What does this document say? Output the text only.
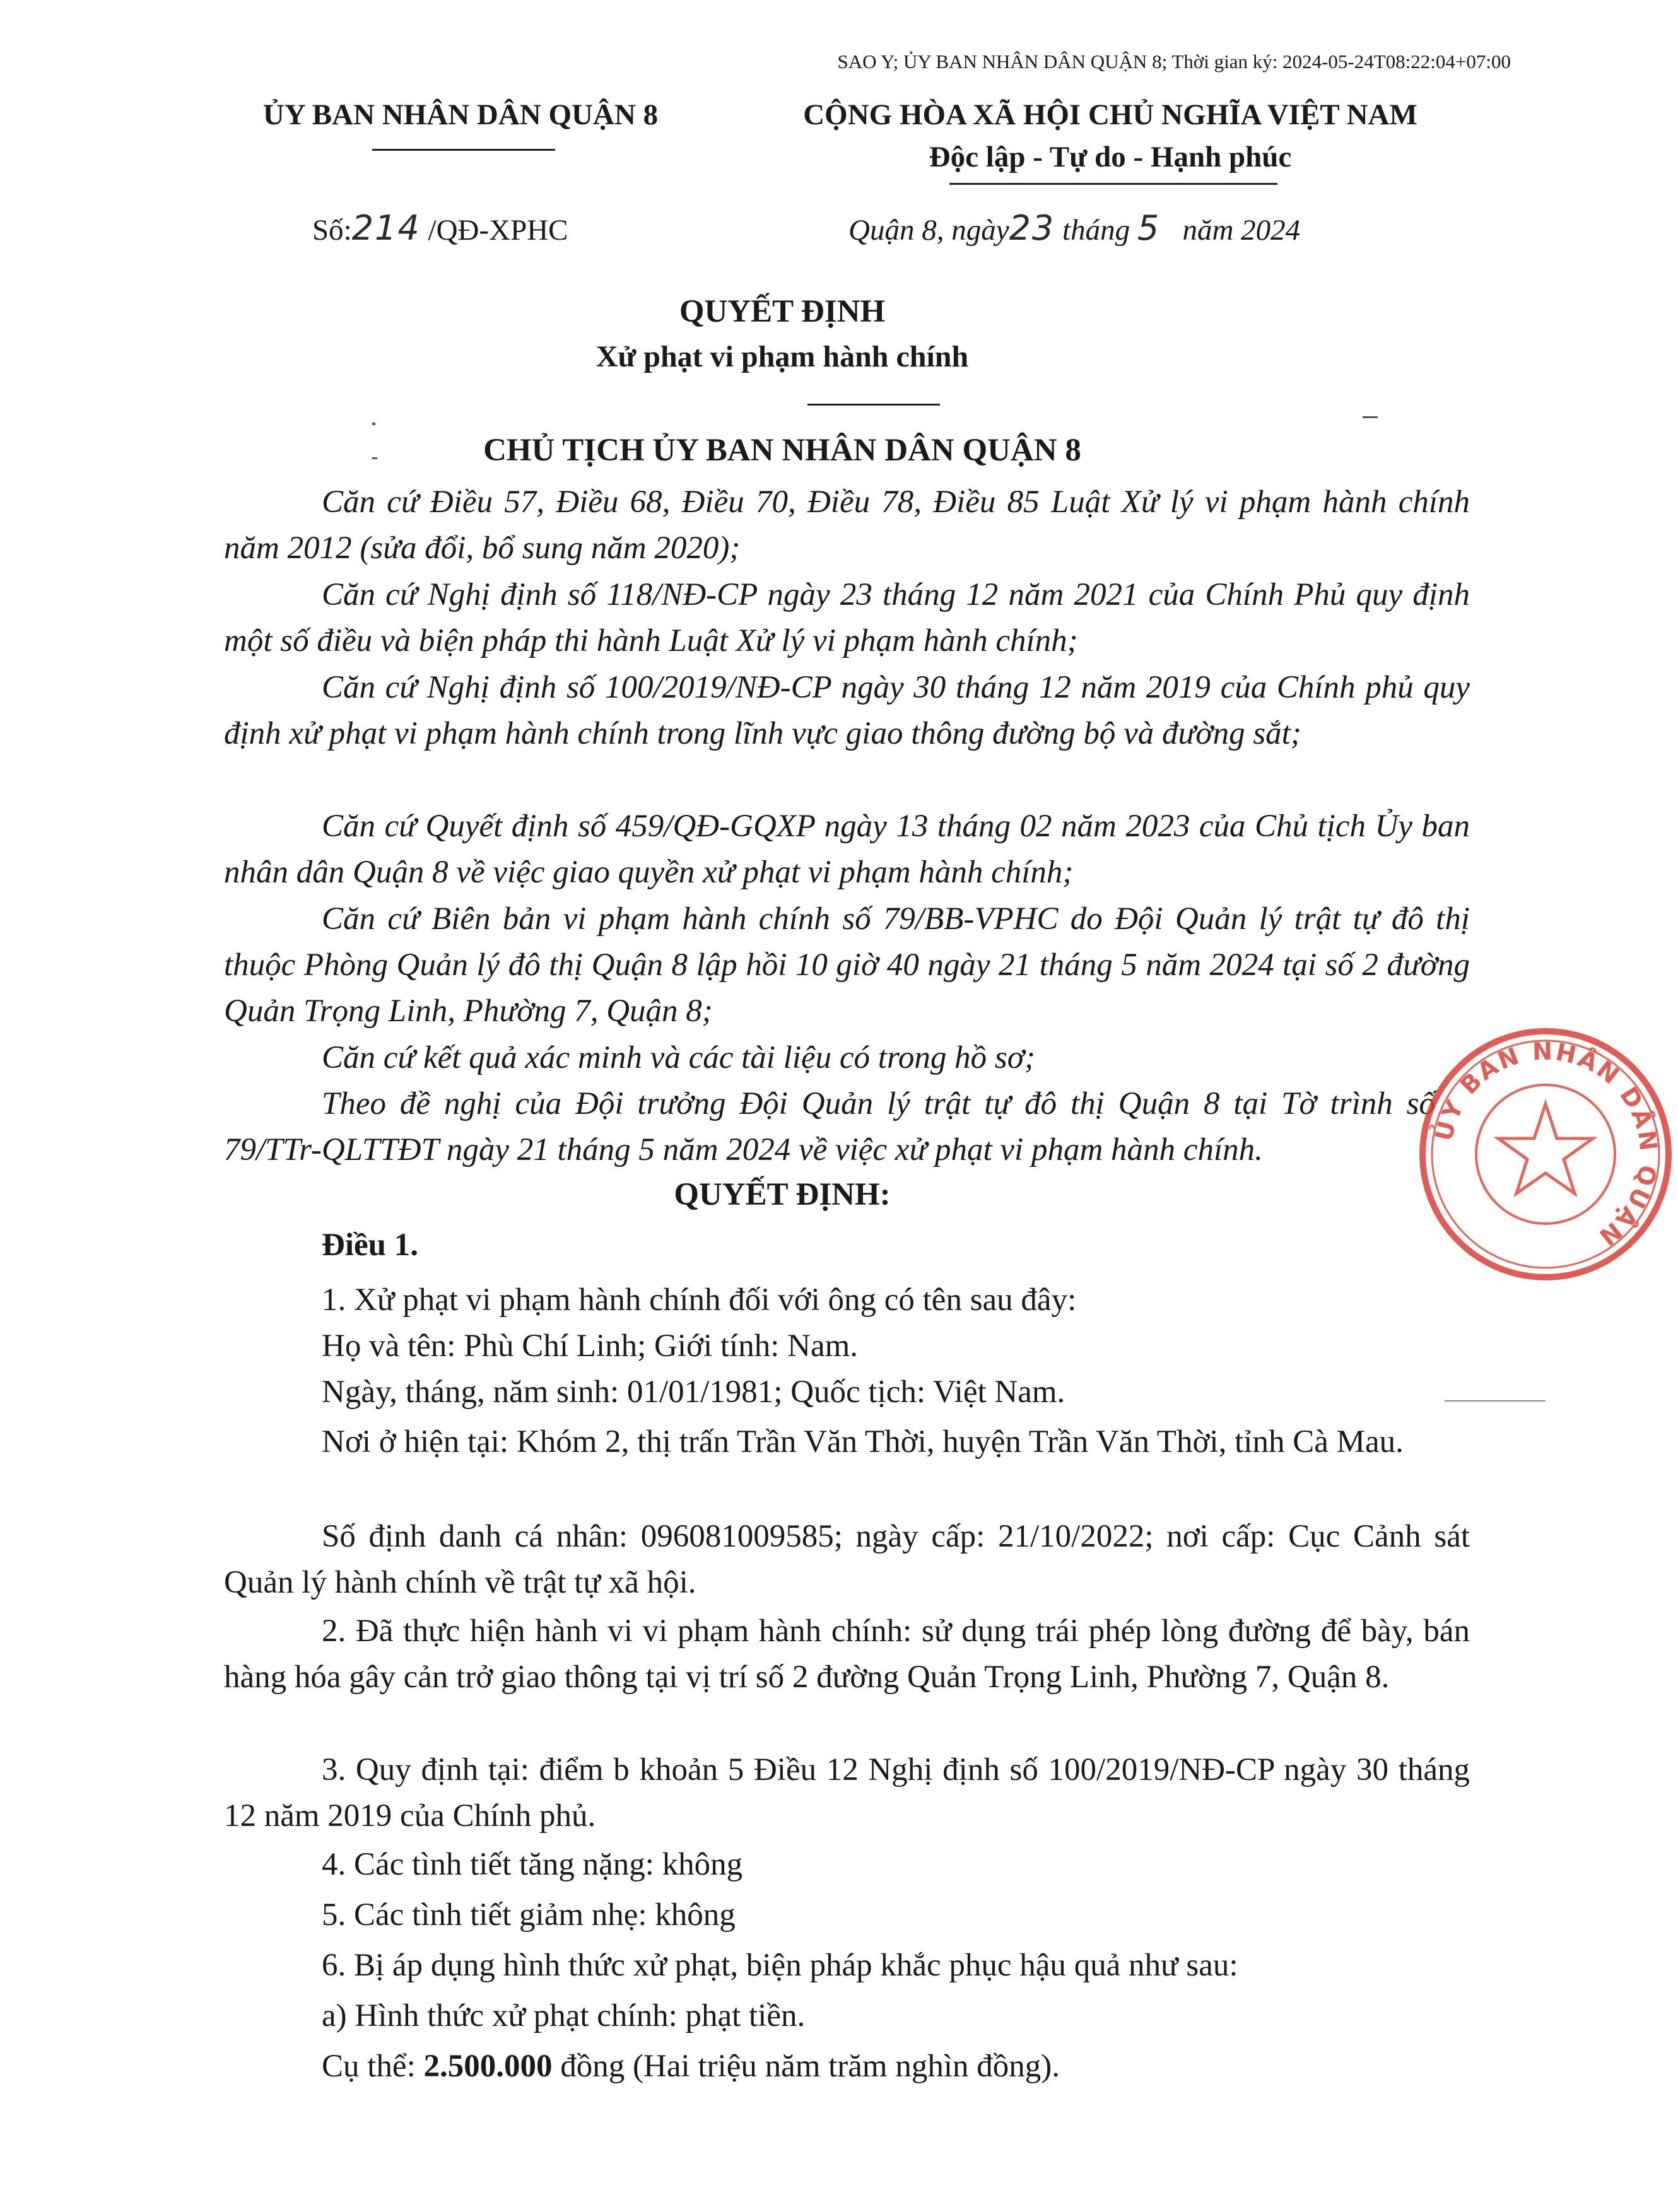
SAO Y; ỦY BAN NHÂN DÂN QUẬN 8; Thời gian ký: 2024-05-24T08:22:04+07:00
ỦY BAN NHÂN DÂN QUẬN 8	CỘNG HÒA XÃ HỘI CHỦ NGHĨA VIỆT NAM
Độc lập - Tự do - Hạnh phúc
Số:214 /QĐ-XPHC	Quận 8, ngày23 tháng 5 năm 2024
QUYẾT ĐỊNH
Xử phạt vi phạm hành chính
CHỦ TỊCH ỦY BAN NHÂN DÂN QUẬN 8
Căn cứ Điều 57, Điều 68, Điều 70, Điều 78, Điều 85 Luật Xử lý vi phạm hành chính năm 2012 (sửa đổi, bổ sung năm 2020);
Căn cứ Nghị định số 118/NĐ-CP ngày 23 tháng 12 năm 2021 của Chính Phủ quy định một số điều và biện pháp thi hành Luật Xử lý vi phạm hành chính;
Căn cứ Nghị định số 100/2019/NĐ-CP ngày 30 tháng 12 năm 2019 của Chính phủ quy định xử phạt vi phạm hành chính trong lĩnh vực giao thông đường bộ và đường sắt;
Căn cứ Quyết định số 459/QĐ-GQXP ngày 13 tháng 02 năm 2023 của Chủ tịch Ủy ban nhân dân Quận 8 về việc giao quyền xử phạt vi phạm hành chính;
Căn cứ Biên bản vi phạm hành chính số 79/BB-VPHC do Đội Quản lý trật tự đô thị thuộc Phòng Quản lý đô thị Quận 8 lập hồi 10 giờ 40 ngày 21 tháng 5 năm 2024 tại số 2 đường Quản Trọng Linh, Phường 7, Quận 8;
Căn cứ kết quả xác minh và các tài liệu có trong hồ sơ;
Theo đề nghị của Đội trưởng Đội Quản lý trật tự đô thị Quận 8 tại Tờ trình số 79/TTr-QLTTĐT ngày 21 tháng 5 năm 2024 về việc xử phạt vi phạm hành chính.
QUYẾT ĐỊNH:
Điều 1.
1. Xử phạt vi phạm hành chính đối với ông có tên sau đây:
Họ và tên: Phù Chí Linh; Giới tính: Nam.
Ngày, tháng, năm sinh: 01/01/1981; Quốc tịch: Việt Nam.
Nơi ở hiện tại: Khóm 2, thị trấn Trần Văn Thời, huyện Trần Văn Thời, tỉnh Cà Mau.
Số định danh cá nhân: 096081009585; ngày cấp: 21/10/2022; nơi cấp: Cục Cảnh sát Quản lý hành chính về trật tự xã hội.
2. Đã thực hiện hành vi vi phạm hành chính: sử dụng trái phép lòng đường để bày, bán hàng hóa gây cản trở giao thông tại vị trí số 2 đường Quản Trọng Linh, Phường 7, Quận 8.
3. Quy định tại: điểm b khoản 5 Điều 12 Nghị định số 100/2019/NĐ-CP ngày 30 tháng 12 năm 2019 của Chính phủ.
4. Các tình tiết tăng nặng: không
5. Các tình tiết giảm nhẹ: không
6. Bị áp dụng hình thức xử phạt, biện pháp khắc phục hậu quả như sau:
a) Hình thức xử phạt chính: phạt tiền.
Cụ thể: 2.500.000 đồng (Hai triệu năm trăm nghìn đồng).
ỦY BAN NHÂN DÂN QUẬN
